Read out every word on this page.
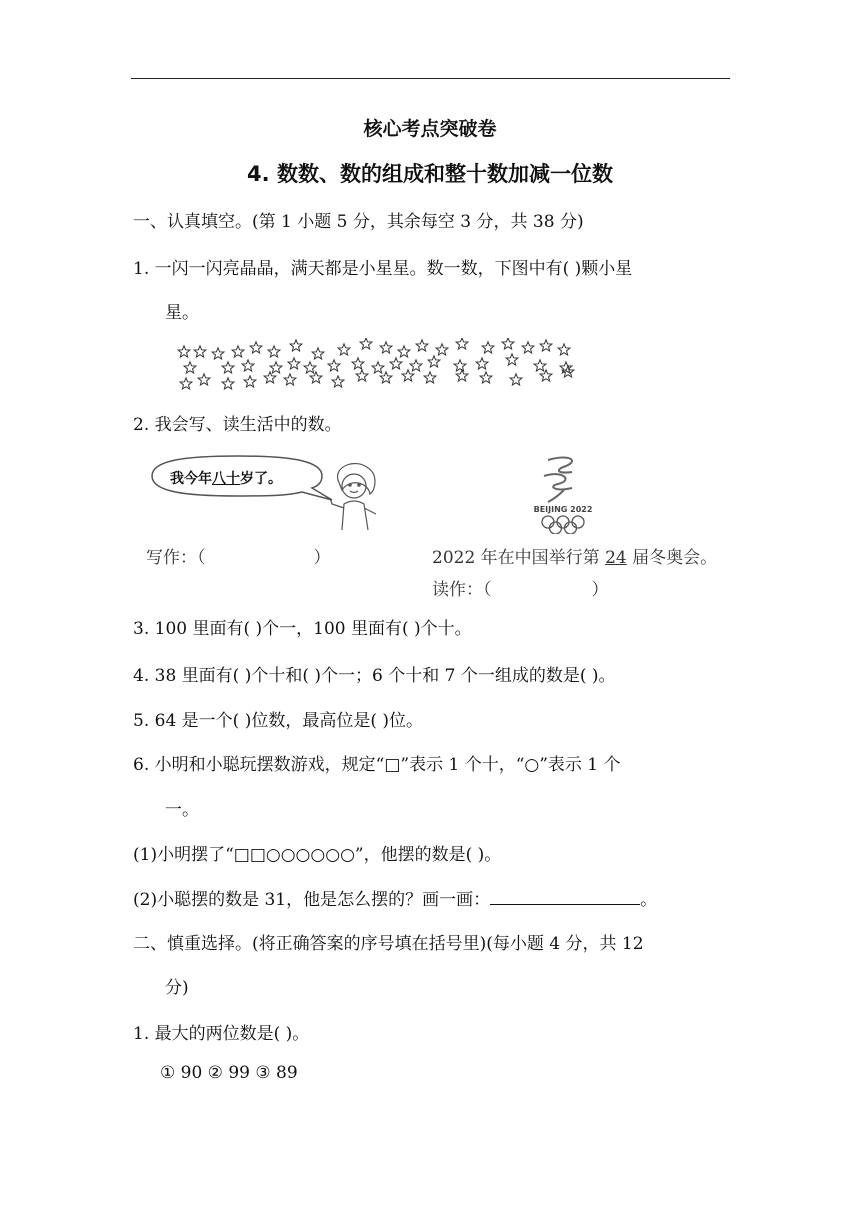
核心考点突破卷
4. 数数、数的组成和整十数加减一位数
一、认真填空。(第 1 小题 5 分，其余每空 3 分，共 38 分)
1. 一闪一闪亮晶晶，满天都是小星星。数一数，下图中有( )颗小星
星。
2. 我会写、读生活中的数。
我今年八十岁了。
BEIJING 2022
写作：（	）	2022 年在中国举行第 24 届冬奥会。
读作：（	）
3. 100 里面有( )个一，100 里面有( )个十。
4. 38 里面有( )个十和( )个一；6 个十和 7 个一组成的数是( )。
5. 64 是一个( )位数，最高位是( )位。
6. 小明和小聪玩摆数游戏，规定“□”表示 1 个十，“○”表示 1 个
一。
(1)小明摆了“□□○○○○○○”，他摆的数是( )。
(2)小聪摆的数是 31，他是怎么摆的？画一画：	。
二、慎重选择。(将正确答案的序号填在括号里)(每小题 4 分，共 12
分)
1. 最大的两位数是( )。
① 90 ② 99 ③ 89
